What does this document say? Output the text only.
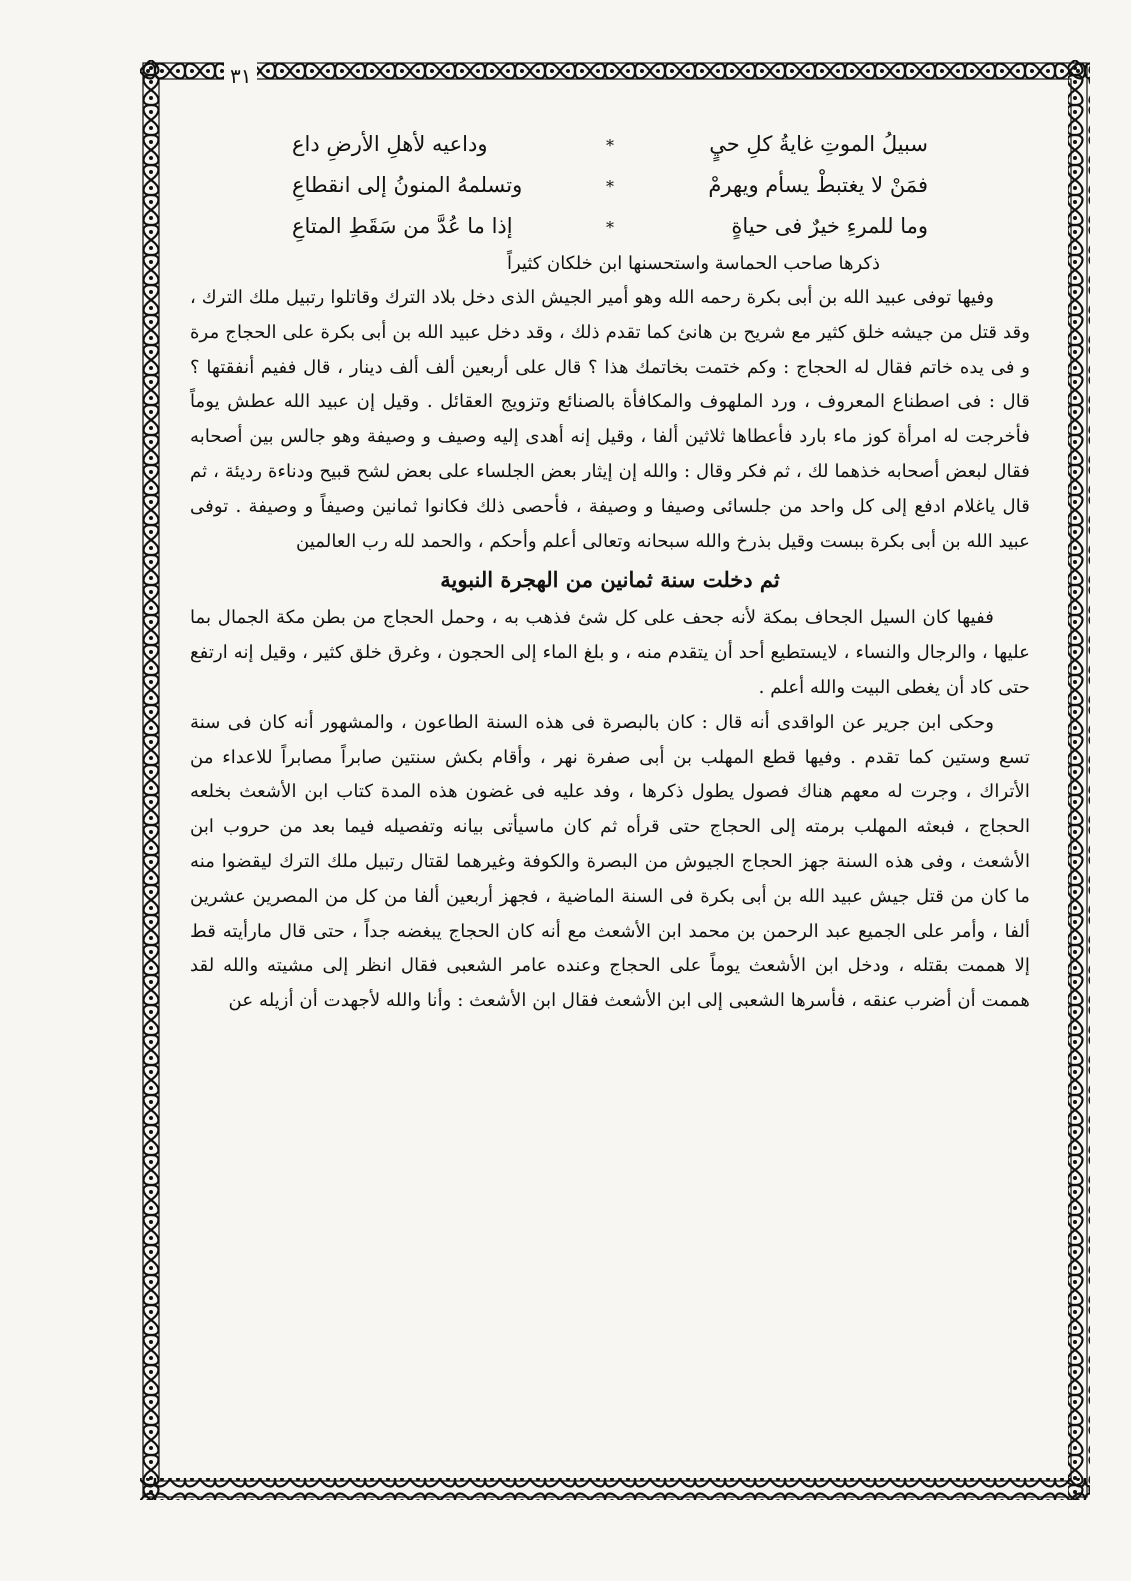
٣١
سبيلُ الموتِ غايةُ كلِ حيٍ
*
وداعيه لأهلِ الأرضِ داع
فمَنْ لا يغتبطْ يسأم ويهرمْ
*
وتسلمهُ المنونُ إلى انقطاعِ
وما للمرءِ خيرٌ فى حياةٍ
*
إذا ما عُدَّ من سَقَطِ المتاعِ
ذكرها صاحب الحماسة واستحسنها ابن خلكان كثيراً

وفيها توفى عبيد الله بن أبى بكرة رحمه الله وهو أمير الجيش الذى دخل بلاد الترك وقاتلوا رتبيل ملك الترك ، وقد قتل من جيشه خلق كثير مع شريح بن هانئ كما تقدم ذلك ، وقد دخل عبيد الله بن أبى بكرة على الحجاج مرة و فى يده خاتم فقال له الحجاج : وكم ختمت بخاتمك هذا ؟ قال على أربعين ألف ألف دينار ، قال ففيم أنفقتها ؟ قال : فى اصطناع المعروف ، ورد الملهوف والمكافأة بالصنائع وتزويج العقائل . وقيل إن عبيد الله عطش يوماً فأخرجت له امرأة كوز ماء بارد فأعطاها ثلاثين ألفا ، وقيل إنه أهدى إليه وصيف و وصيفة وهو جالس بين أصحابه فقال لبعض أصحابه خذهما لك ، ثم فكر وقال : والله إن إيثار بعض الجلساء على بعض لشح قبيح ودناءة رديئة ، ثم قال ياغلام ادفع إلى كل واحد من جلسائى وصيفا و وصيفة ، فأحصى ذلك فكانوا ثمانين وصيفاً و وصيفة . توفى عبيد الله بن أبى بكرة ببست وقيل بذرخ والله سبحانه وتعالى أعلم وأحكم ، والحمد لله رب العالمين

ثم دخلت سنة ثمانين من الهجرة النبوية

ففيها كان السيل الجحاف بمكة لأنه جحف على كل شئ فذهب به ، وحمل الحجاج من بطن مكة الجمال بما عليها ، والرجال والنساء ، لايستطيع أحد أن يتقدم منه ، و بلغ الماء إلى الحجون ، وغرق خلق كثير ، وقيل إنه ارتفع حتى كاد أن يغطى البيت والله أعلم .

وحكى ابن جرير عن الواقدى أنه قال : كان بالبصرة فى هذه السنة الطاعون ، والمشهور أنه كان فى سنة تسع وستين كما تقدم . وفيها قطع المهلب بن أبى صفرة نهر ، وأقام بكش سنتين صابراً مصابراً للاعداء من الأتراك ، وجرت له معهم هناك فصول يطول ذكرها ، وفد عليه فى غضون هذه المدة كتاب ابن الأشعث بخلعه الحجاج ، فبعثه المهلب برمته إلى الحجاج حتى قرأه ثم كان ماسيأتى بيانه وتفصيله فيما بعد من حروب ابن الأشعث ، وفى هذه السنة جهز الحجاج الجيوش من البصرة والكوفة وغيرهما لقتال رتبيل ملك الترك ليقضوا منه ما كان من قتل جيش عبيد الله بن أبى بكرة فى السنة الماضية ، فجهز أربعين ألفا من كل من المصرين عشرين ألفا ، وأمر على الجميع عبد الرحمن بن محمد ابن الأشعث مع أنه كان الحجاج يبغضه جداً ، حتى قال مارأيته قط إلا هممت بقتله ، ودخل ابن الأشعث يوماً على الحجاج وعنده عامر الشعبى فقال انظر إلى مشيته والله لقد هممت أن أضرب عنقه ، فأسرها الشعبى إلى ابن الأشعث فقال ابن الأشعث : وأنا والله لأجهدت أن أزيله عن
